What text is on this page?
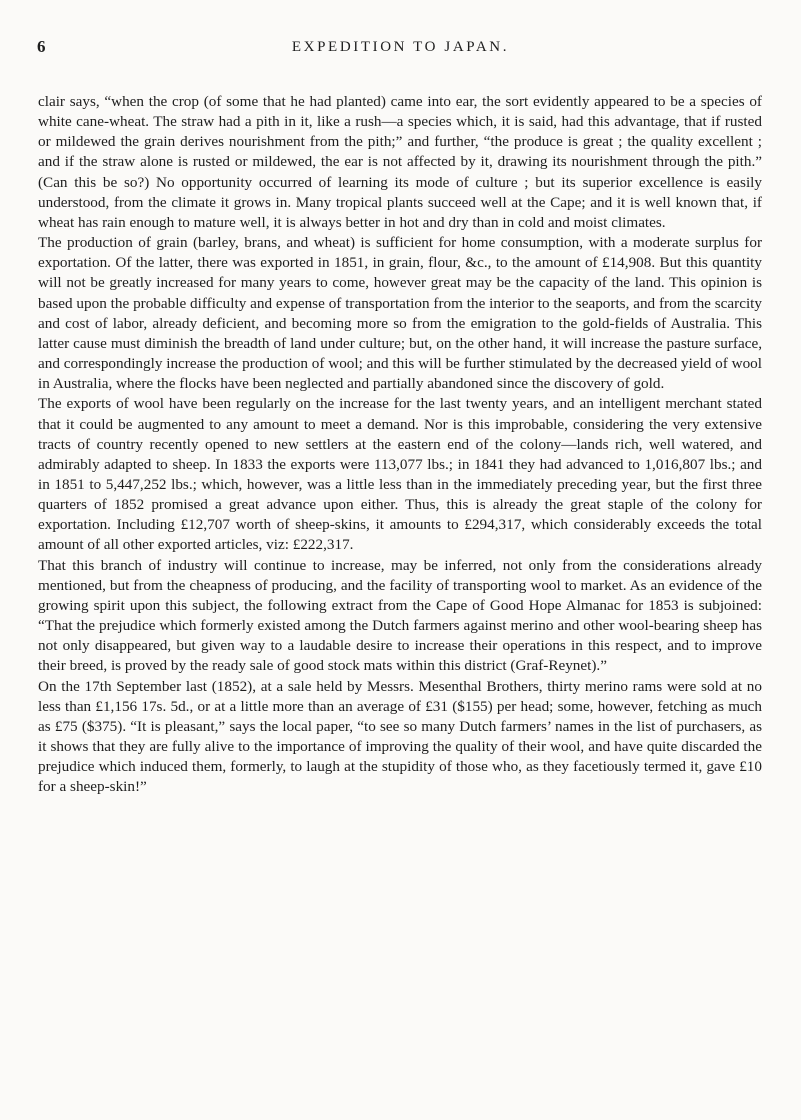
6	EXPEDITION TO JAPAN.

clair says, “when the crop (of some that he had planted) came into ear, the sort evidently appeared to be a species of white cane-wheat. The straw had a pith in it, like a rush—a species which, it is said, had this advantage, that if rusted or mildewed the grain derives nourishment from the pith;” and further, “the produce is great ; the quality excellent ; and if the straw alone is rusted or mildewed, the ear is not affected by it, drawing its nourishment through the pith.” (Can this be so?) No opportunity occurred of learning its mode of culture ; but its superior excellence is easily understood, from the climate it grows in. Many tropical plants succeed well at the Cape; and it is well known that, if wheat has rain enough to mature well, it is always better in hot and dry than in cold and moist climates.

The production of grain (barley, brans, and wheat) is sufficient for home consumption, with a moderate surplus for exportation. Of the latter, there was exported in 1851, in grain, flour, &c., to the amount of £14,908. But this quantity will not be greatly increased for many years to come, however great may be the capacity of the land. This opinion is based upon the probable difficulty and expense of transportation from the interior to the seaports, and from the scarcity and cost of labor, already deficient, and becoming more so from the emigration to the gold-fields of Australia. This latter cause must diminish the breadth of land under culture; but, on the other hand, it will increase the pasture surface, and correspondingly increase the production of wool; and this will be further stimulated by the decreased yield of wool in Australia, where the flocks have been neglected and partially abandoned since the discovery of gold.

The exports of wool have been regularly on the increase for the last twenty years, and an intelligent merchant stated that it could be augmented to any amount to meet a demand. Nor is this improbable, considering the very extensive tracts of country recently opened to new settlers at the eastern end of the colony—lands rich, well watered, and admirably adapted to sheep. In 1833 the exports were 113,077 lbs.; in 1841 they had advanced to 1,016,807 lbs.; and in 1851 to 5,447,252 lbs.; which, however, was a little less than in the immediately preceding year, but the first three quarters of 1852 promised a great advance upon either. Thus, this is already the great staple of the colony for exportation. Including £12,707 worth of sheep-skins, it amounts to £294,317, which considerably exceeds the total amount of all other exported articles, viz: £222,317.

That this branch of industry will continue to increase, may be inferred, not only from the considerations already mentioned, but from the cheapness of producing, and the facility of transporting wool to market. As an evidence of the growing spirit upon this subject, the following extract from the Cape of Good Hope Almanac for 1853 is subjoined: “That the prejudice which formerly existed among the Dutch farmers against merino and other wool-bearing sheep has not only disappeared, but given way to a laudable desire to increase their operations in this respect, and to improve their breed, is proved by the ready sale of good stock mats within this district (Graf-Reynet).”

On the 17th September last (1852), at a sale held by Messrs. Mesenthal Brothers, thirty merino rams were sold at no less than £1,156 17s. 5d., or at a little more than an average of £31 ($155) per head; some, however, fetching as much as £75 ($375). “It is pleasant,” says the local paper, “to see so many Dutch farmers’ names in the list of purchasers, as it shows that they are fully alive to the importance of improving the quality of their wool, and have quite discarded the prejudice which induced them, formerly, to laugh at the stupidity of those who, as they facetiously termed it, gave £10 for a sheep-skin!”
